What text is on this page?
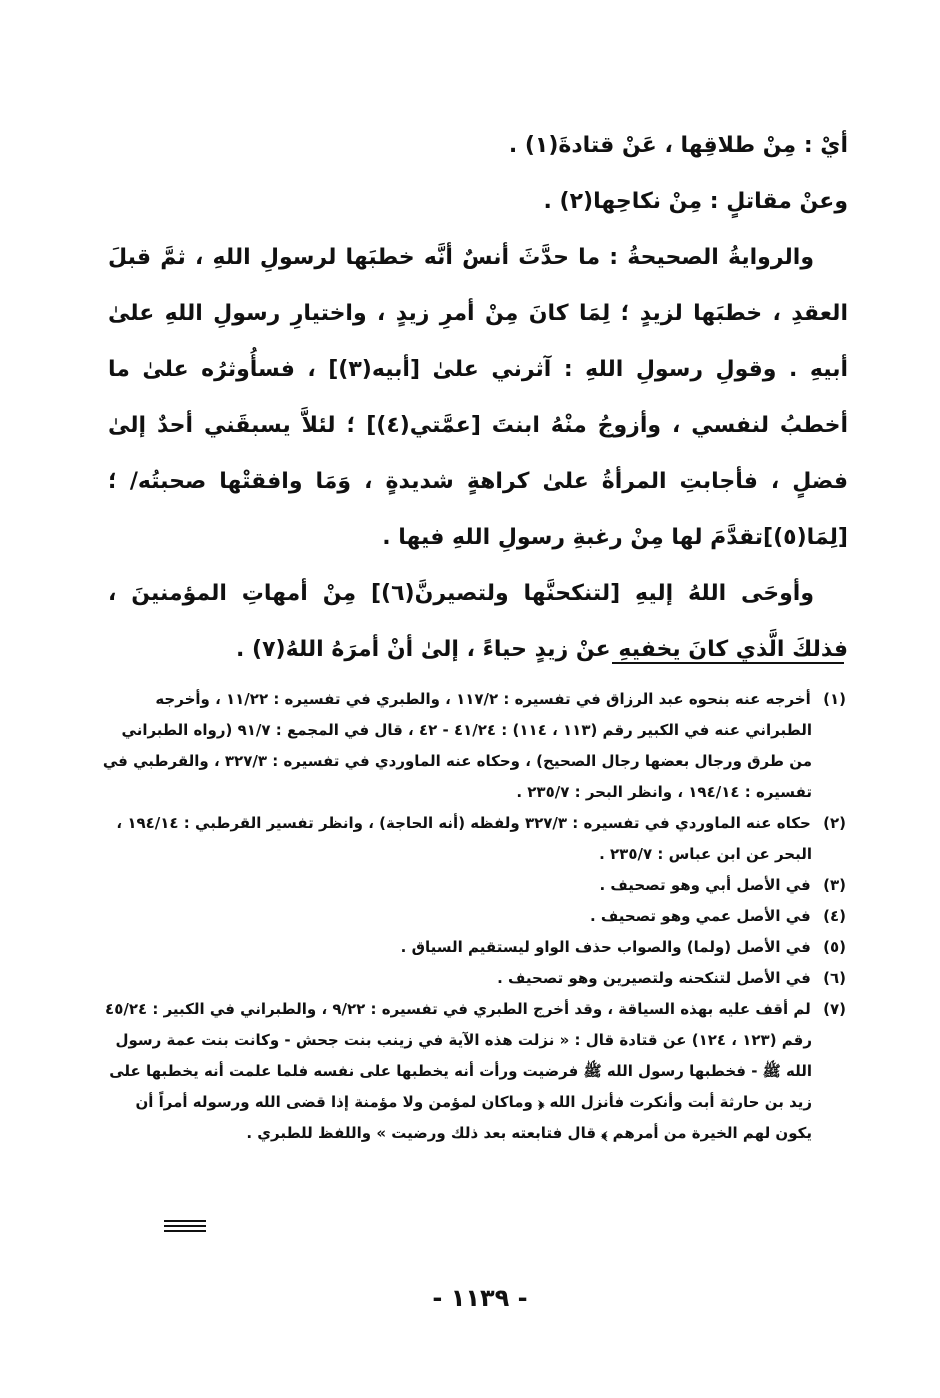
أيْ : مِنْ طلاقِها ، عَنْ قتادةَ(١) .

وعنْ مقاتلٍ : مِنْ نكاحِها(٢) .

والروايةُ الصحيحةُ : ما حدَّثَ أنسٌ أنَّه خطبَها لرسولِ اللهِ ، ثمَّ قبلَ العقدِ ، خطبَها لزيدٍ ؛ لِمَا كانَ مِنْ أمرِ زيدٍ ، واختيارِ رسولِ اللهِ علىٰ أبيهِ . وقولِ رسولِ اللهِ : آثرني علىٰ [أبيه(٣)] ، فسأُوثرُه علىٰ ما أخطبُ لنفسي ، وأزوجُ منْهُ ابنتَ [عمَّتي(٤)] ؛ لئلاَّ يسبقَني أحدٌ إلىٰ فضلٍ ، فأجابتِ المرأةُ علىٰ كراهةٍ شديدةٍ ، وَمَا وافقتْها صحبتُه/ ؛[لِمَا(٥)]تقدَّمَ لها مِنْ رغبةِ رسولِ اللهِ فيها .

وأوحَى اللهُ إليهِ [لتنكحنَّها ولتصيرنَّ(٦)] مِنْ أمهاتِ المؤمنينَ ، فذلكَ الَّذي كانَ يخفيهِ عنْ زيدٍ حياءً ، إلىٰ أنْ أمرَهُ اللهُ(٧) .

(١) أخرجه عنه بنحوه عبد الرزاق في تفسيره : ١١٧/٢ ، والطبري في تفسيره : ١١/٢٢ ، وأخرجه الطبراني عنه في الكبير رقم (١١٣ ، ١١٤) : ٤١/٢٤ - ٤٢ ، قال في المجمع : ٩١/٧ (رواه الطبراني من طرق ورجال بعضها رجال الصحيح) ، وحكاه عنه الماوردي في تفسيره : ٣٢٧/٣ ، والقرطبي في تفسيره : ١٩٤/١٤ ، وانظر البحر : ٢٣٥/٧ .

(٢) حكاه عنه الماوردي في تفسيره : ٣٢٧/٣ ولفظه (أنه الحاجة) ، وانظر تفسير القرطبي : ١٩٤/١٤ ، البحر عن ابن عباس : ٢٣٥/٧ .

(٣) في الأصل أبي وهو تصحيف .

(٤) في الأصل عمي وهو تصحيف .

(٥) في الأصل (ولما) والصواب حذف الواو ليستقيم السياق .

(٦) في الأصل لتنكحنه ولتصيرين وهو تصحيف .

(٧) لم أقف عليه بهذه السياقة ، وقد أخرج الطبري في تفسيره : ٩/٢٢ ، والطبراني في الكبير : ٤٥/٢٤ رقم (١٢٣ ، ١٢٤) عن قتادة قال : « نزلت هذه الآية في زينب بنت جحش - وكانت بنت عمة رسول الله ﷺ - فخطبها رسول الله ﷺ فرضيت ورأت أنه يخطبها على نفسه فلما علمت أنه يخطبها على زيد بن حارثة أبت وأنكرت فأنزل الله ﴿ وماكان لمؤمن ولا مؤمنة إذا قضى الله ورسوله أمراً أن يكون لهم الخيرة من أمرهم ﴾ قال فتابعته بعد ذلك ورضيت » واللفظ للطبري .

- ١١٣٩ -
